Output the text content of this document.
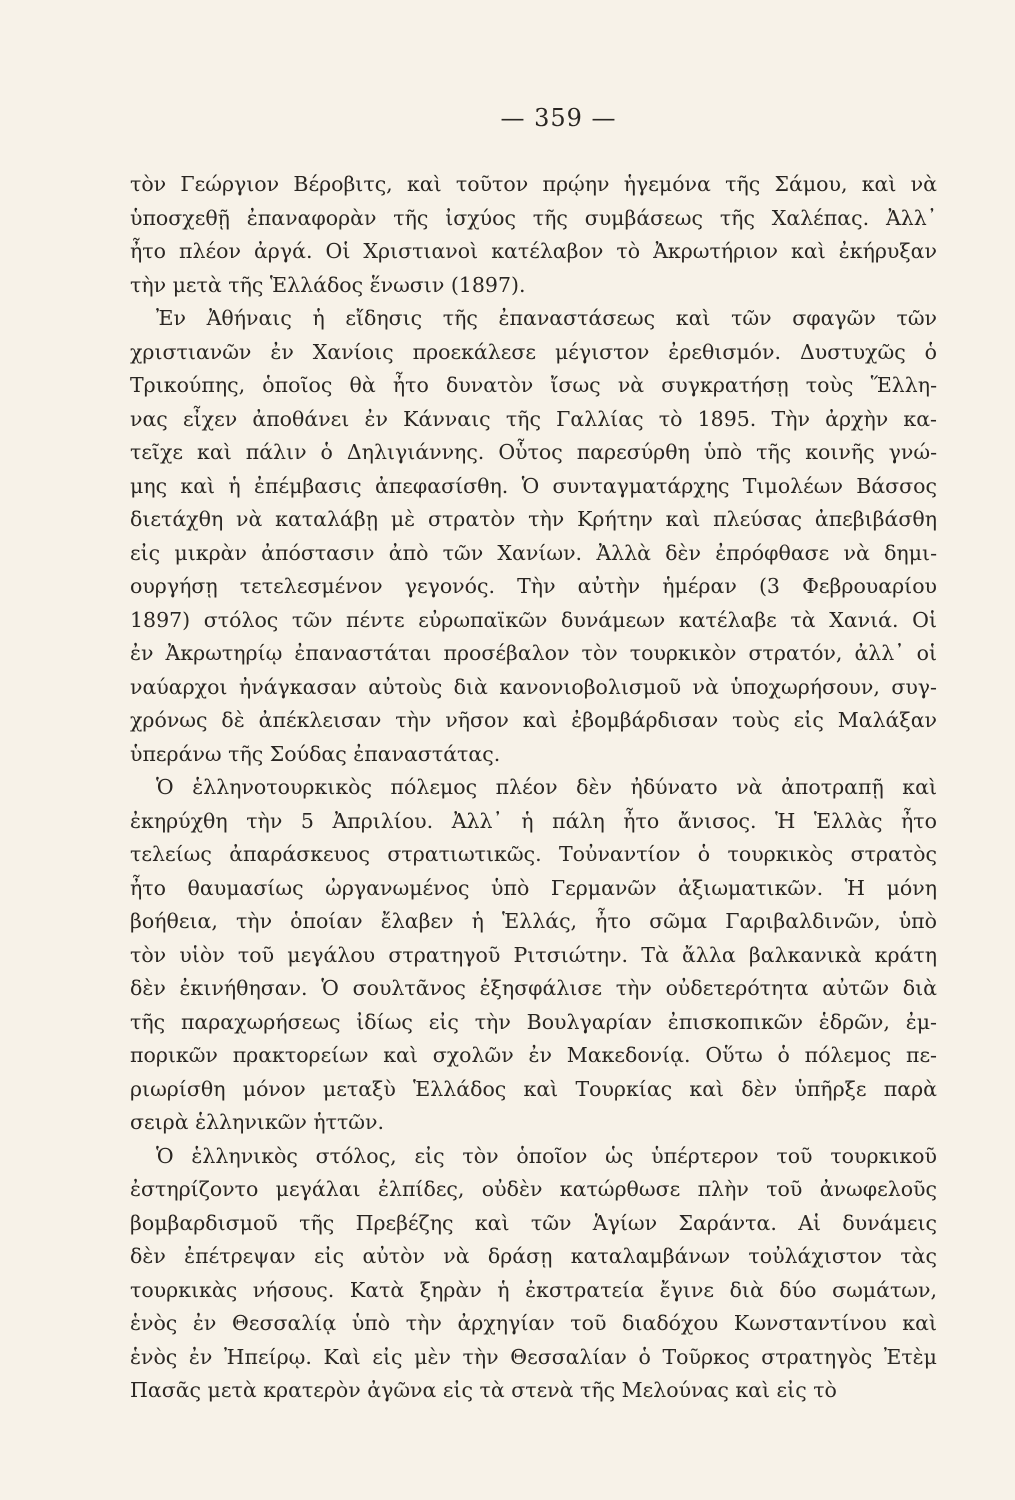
— 359 —
τὸν Γεώργιον Βέροβιτς, καὶ τοῦτον πρῴην ἡγεμόνα τῆς Σάμου, καὶ νὰ
ὑποσχεθῇ ἐπαναφορὰν τῆς ἰσχύος τῆς συμβάσεως τῆς Χαλέπας. Ἀλλ᾽
ἦτο πλέον ἀργά. Οἱ Χριστιανοὶ κατέλαβον τὸ Ἀκρωτήριον καὶ ἐκήρυξαν
τὴν μετὰ τῆς Ἑλλάδος ἕνωσιν (1897).
Ἐν Ἀθήναις ἡ εἴδησις τῆς ἐπαναστάσεως καὶ τῶν σφαγῶν τῶν
χριστιανῶν ἐν Χανίοις προεκάλεσε μέγιστον ἐρεθισμόν. Δυστυχῶς ὁ
Τρικούπης, ὁποῖος θὰ ἦτο δυνατὸν ἴσως νὰ συγκρατήσῃ τοὺς Ἕλλη-
νας εἶχεν ἀποθάνει ἐν Κάνναις τῆς Γαλλίας τὸ 1895. Τὴν ἀρχὴν κα-
τεῖχε καὶ πάλιν ὁ Δηλιγιάννης. Οὗτος παρεσύρθη ὑπὸ τῆς κοινῆς γνώ-
μης καὶ ἡ ἐπέμβασις ἀπεφασίσθη. Ὁ συνταγματάρχης Τιμολέων Βάσσος
διετάχθη νὰ καταλάβῃ μὲ στρατὸν τὴν Κρήτην καὶ πλεύσας ἀπεβιβάσθη
εἰς μικρὰν ἀπόστασιν ἀπὸ τῶν Χανίων. Ἀλλὰ δὲν ἐπρόφθασε νὰ δημι-
ουργήσῃ τετελεσμένον γεγονός. Τὴν αὐτὴν ἡμέραν (3 Φεβρουαρίου
1897) στόλος τῶν πέντε εὐρωπαϊκῶν δυνάμεων κατέλαβε τὰ Χανιά. Οἱ
ἐν Ἀκρωτηρίῳ ἐπαναστάται προσέβαλον τὸν τουρκικὸν στρατόν, ἀλλ᾽ οἱ
ναύαρχοι ἠνάγκασαν αὐτοὺς διὰ κανονιοβολισμοῦ νὰ ὑποχωρήσουν, συγ-
χρόνως δὲ ἀπέκλεισαν τὴν νῆσον καὶ ἐβομβάρδισαν τοὺς εἰς Μαλάξαν
ὑπεράνω τῆς Σούδας ἐπαναστάτας.
Ὁ ἑλληνοτουρκικὸς πόλεμος πλέον δὲν ἠδύνατο νὰ ἀποτραπῇ καὶ
ἐκηρύχθη τὴν 5 Ἀπριλίου. Ἀλλ᾽ ἡ πάλη ἦτο ἄνισος. Ἡ Ἑλλὰς ἦτο
τελείως ἀπαράσκευος στρατιωτικῶς. Τοὐναντίον ὁ τουρκικὸς στρατὸς
ἦτο θαυμασίως ὠργανωμένος ὑπὸ Γερμανῶν ἀξιωματικῶν. Ἡ μόνη
βοήθεια, τὴν ὁποίαν ἔλαβεν ἡ Ἑλλάς, ἦτο σῶμα Γαριβαλδινῶν, ὑπὸ
τὸν υἱὸν τοῦ μεγάλου στρατηγοῦ Ριτσιώτην. Τὰ ἄλλα βαλκανικὰ κράτη
δὲν ἐκινήθησαν. Ὁ σουλτᾶνος ἐξησφάλισε τὴν οὐδετερότητα αὐτῶν διὰ
τῆς παραχωρήσεως ἰδίως εἰς τὴν Βουλγαρίαν ἐπισκοπικῶν ἑδρῶν, ἐμ-
πορικῶν πρακτορείων καὶ σχολῶν ἐν Μακεδονίᾳ. Οὕτω ὁ πόλεμος πε-
ριωρίσθη μόνον μεταξὺ Ἑλλάδος καὶ Τουρκίας καὶ δὲν ὑπῆρξε παρὰ
σειρὰ ἑλληνικῶν ἡττῶν.
Ὁ ἑλληνικὸς στόλος, εἰς τὸν ὁποῖον ὡς ὑπέρτερον τοῦ τουρκικοῦ
ἐστηρίζοντο μεγάλαι ἐλπίδες, οὐδὲν κατώρθωσε πλὴν τοῦ ἀνωφελοῦς
βομβαρδισμοῦ τῆς Πρεβέζης καὶ τῶν Ἁγίων Σαράντα. Αἱ δυνάμεις
δὲν ἐπέτρεψαν εἰς αὐτὸν νὰ δράσῃ καταλαμβάνων τοὐλάχιστον τὰς
τουρκικὰς νήσους. Κατὰ ξηρὰν ἡ ἐκστρατεία ἔγινε διὰ δύο σωμάτων,
ἑνὸς ἐν Θεσσαλίᾳ ὑπὸ τὴν ἀρχηγίαν τοῦ διαδόχου Κωνσταντίνου καὶ
ἑνὸς ἐν Ἠπείρῳ. Καὶ εἰς μὲν τὴν Θεσσαλίαν ὁ Τοῦρκος στρατηγὸς Ἐτὲμ
Πασᾶς μετὰ κρατερὸν ἀγῶνα εἰς τὰ στενὰ τῆς Μελούνας καὶ εἰς τὸ
